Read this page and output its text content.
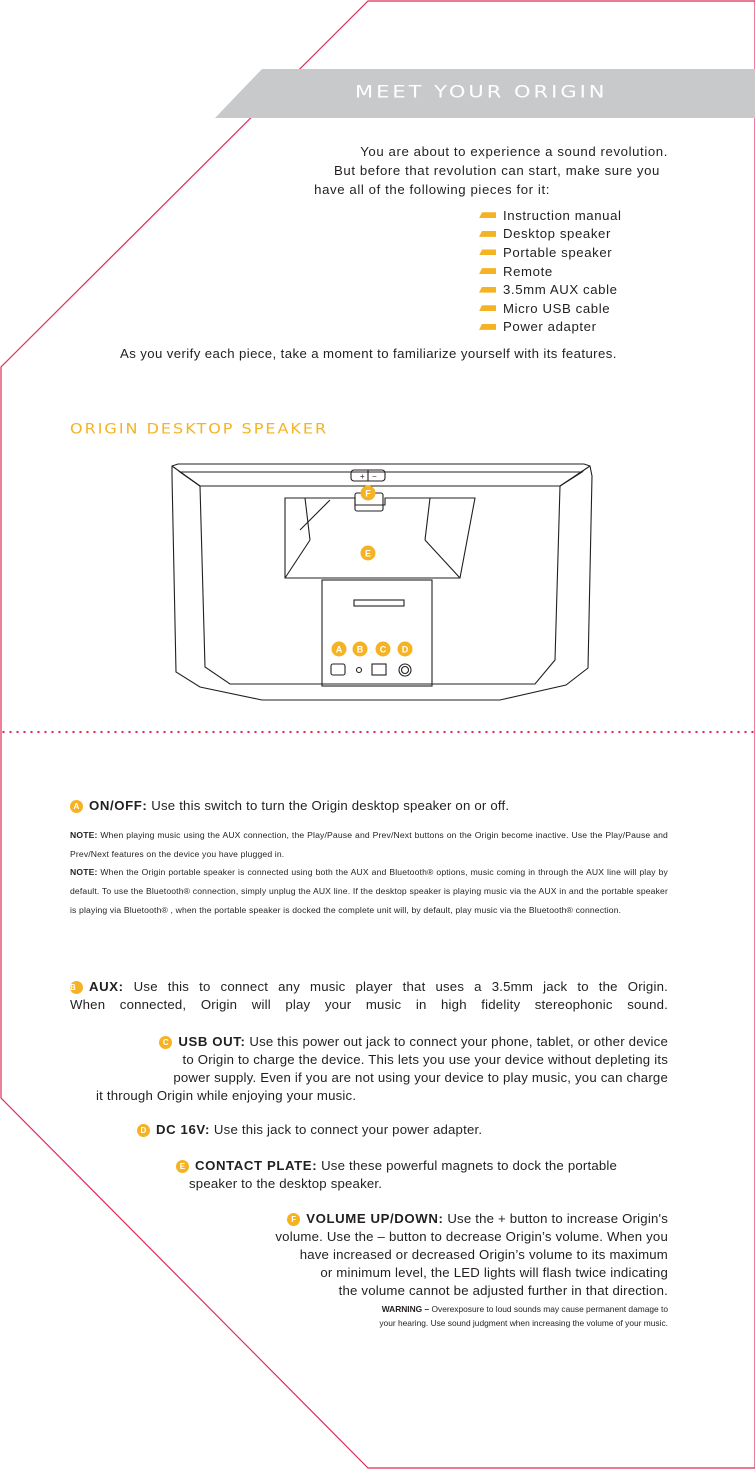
MEET YOUR ORIGIN
You are about to experience a sound revolution.
But before that revolution can start, make sure you
have all of the following pieces for it:
Instruction manual
Desktop speaker
Portable speaker
Remote
3.5mm AUX cable
Micro USB cable
Power adapter
As you verify each piece, take a moment to familiarize yourself with its features.
ORIGIN DESKTOP SPEAKER
+ −
F
E
A B C D
A ON/OFF: Use this switch to turn the Origin desktop speaker on or off.
NOTE: When playing music using the AUX connection, the Play/Pause and Prev/Next buttons on the Origin become inactive. Use the Play/Pause and Prev/Next features on the device you have plugged in.
NOTE: When the Origin portable speaker is connected using both the AUX and Bluetooth® options, music coming in through the AUX line will play by default. To use the Bluetooth® connection, simply unplug the AUX line. If the desktop speaker is playing music via the AUX in and the portable speaker is playing via Bluetooth® , when the portable speaker is docked the complete unit will, by default, play music via the Bluetooth® connection.
B AUX: Use this to connect any music player that uses a 3.5mm jack to the Origin.
When connected, Origin will play your music in high fidelity stereophonic sound.
C USB OUT: Use this power out jack to connect your phone, tablet, or other device
to Origin to charge the device. This lets you use your device without depleting its
power supply. Even if you are not using your device to play music, you can charge
it through Origin while enjoying your music.
D DC 16V: Use this jack to connect your power adapter.
E CONTACT PLATE: Use these powerful magnets to dock the portable
speaker to the desktop speaker.
F VOLUME UP/DOWN: Use the + button to increase Origin's
volume. Use the – button to decrease Origin’s volume. When you
have increased or decreased Origin’s volume to its maximum
or minimum level, the LED lights will flash twice indicating
the volume cannot be adjusted further in that direction.
WARNING – Overexposure to loud sounds may cause permanent damage to
your hearing. Use sound judgment when increasing the volume of your music.
